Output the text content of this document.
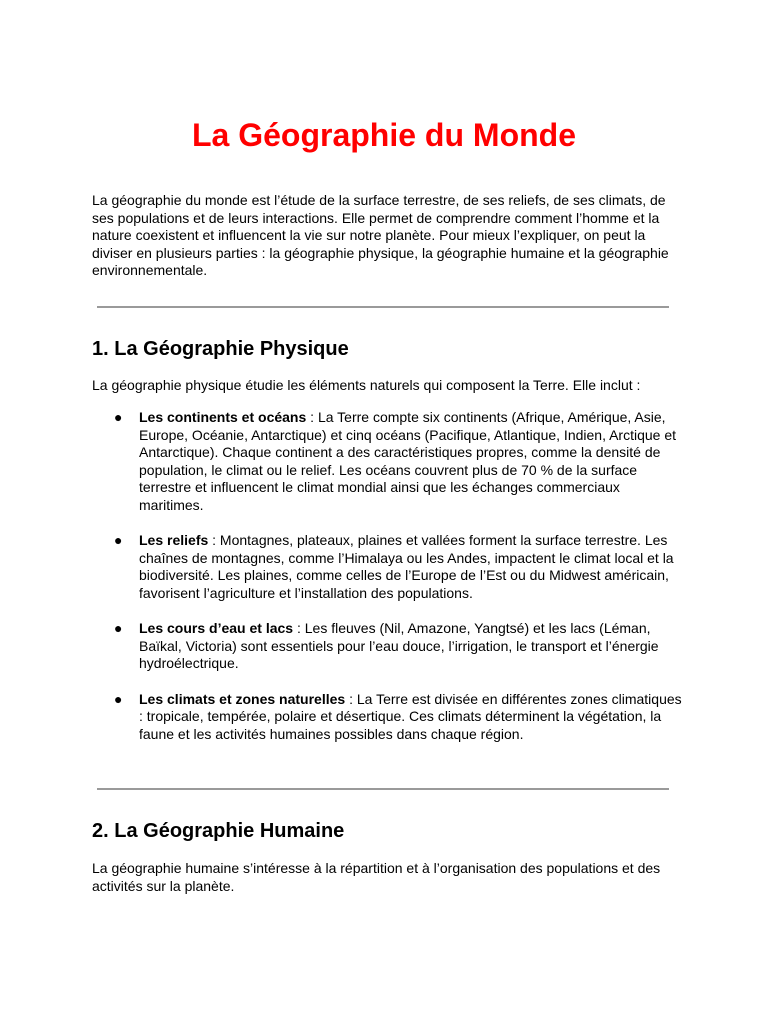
La Géographie du Monde

La géographie du monde est l’étude de la surface terrestre, de ses reliefs, de ses climats, de ses populations et de leurs interactions. Elle permet de comprendre comment l’homme et la nature coexistent et influencent la vie sur notre planète. Pour mieux l’expliquer, on peut la diviser en plusieurs parties : la géographie physique, la géographie humaine et la géographie environnementale.

1. La Géographie Physique

La géographie physique étudie les éléments naturels qui composent la Terre. Elle inclut :

● Les continents et océans : La Terre compte six continents (Afrique, Amérique, Asie, Europe, Océanie, Antarctique) et cinq océans (Pacifique, Atlantique, Indien, Arctique et Antarctique). Chaque continent a des caractéristiques propres, comme la densité de population, le climat ou le relief. Les océans couvrent plus de 70 % de la surface terrestre et influencent le climat mondial ainsi que les échanges commerciaux maritimes.
● Les reliefs : Montagnes, plateaux, plaines et vallées forment la surface terrestre. Les chaînes de montagnes, comme l’Himalaya ou les Andes, impactent le climat local et la biodiversité. Les plaines, comme celles de l’Europe de l’Est ou du Midwest américain, favorisent l’agriculture et l’installation des populations.
● Les cours d’eau et lacs : Les fleuves (Nil, Amazone, Yangtsé) et les lacs (Léman, Baïkal, Victoria) sont essentiels pour l’eau douce, l’irrigation, le transport et l’énergie hydroélectrique.
● Les climats et zones naturelles : La Terre est divisée en différentes zones climatiques : tropicale, tempérée, polaire et désertique. Ces climats déterminent la végétation, la faune et les activités humaines possibles dans chaque région.
2. La Géographie Humaine

La géographie humaine s’intéresse à la répartition et à l’organisation des populations et des activités sur la planète.
